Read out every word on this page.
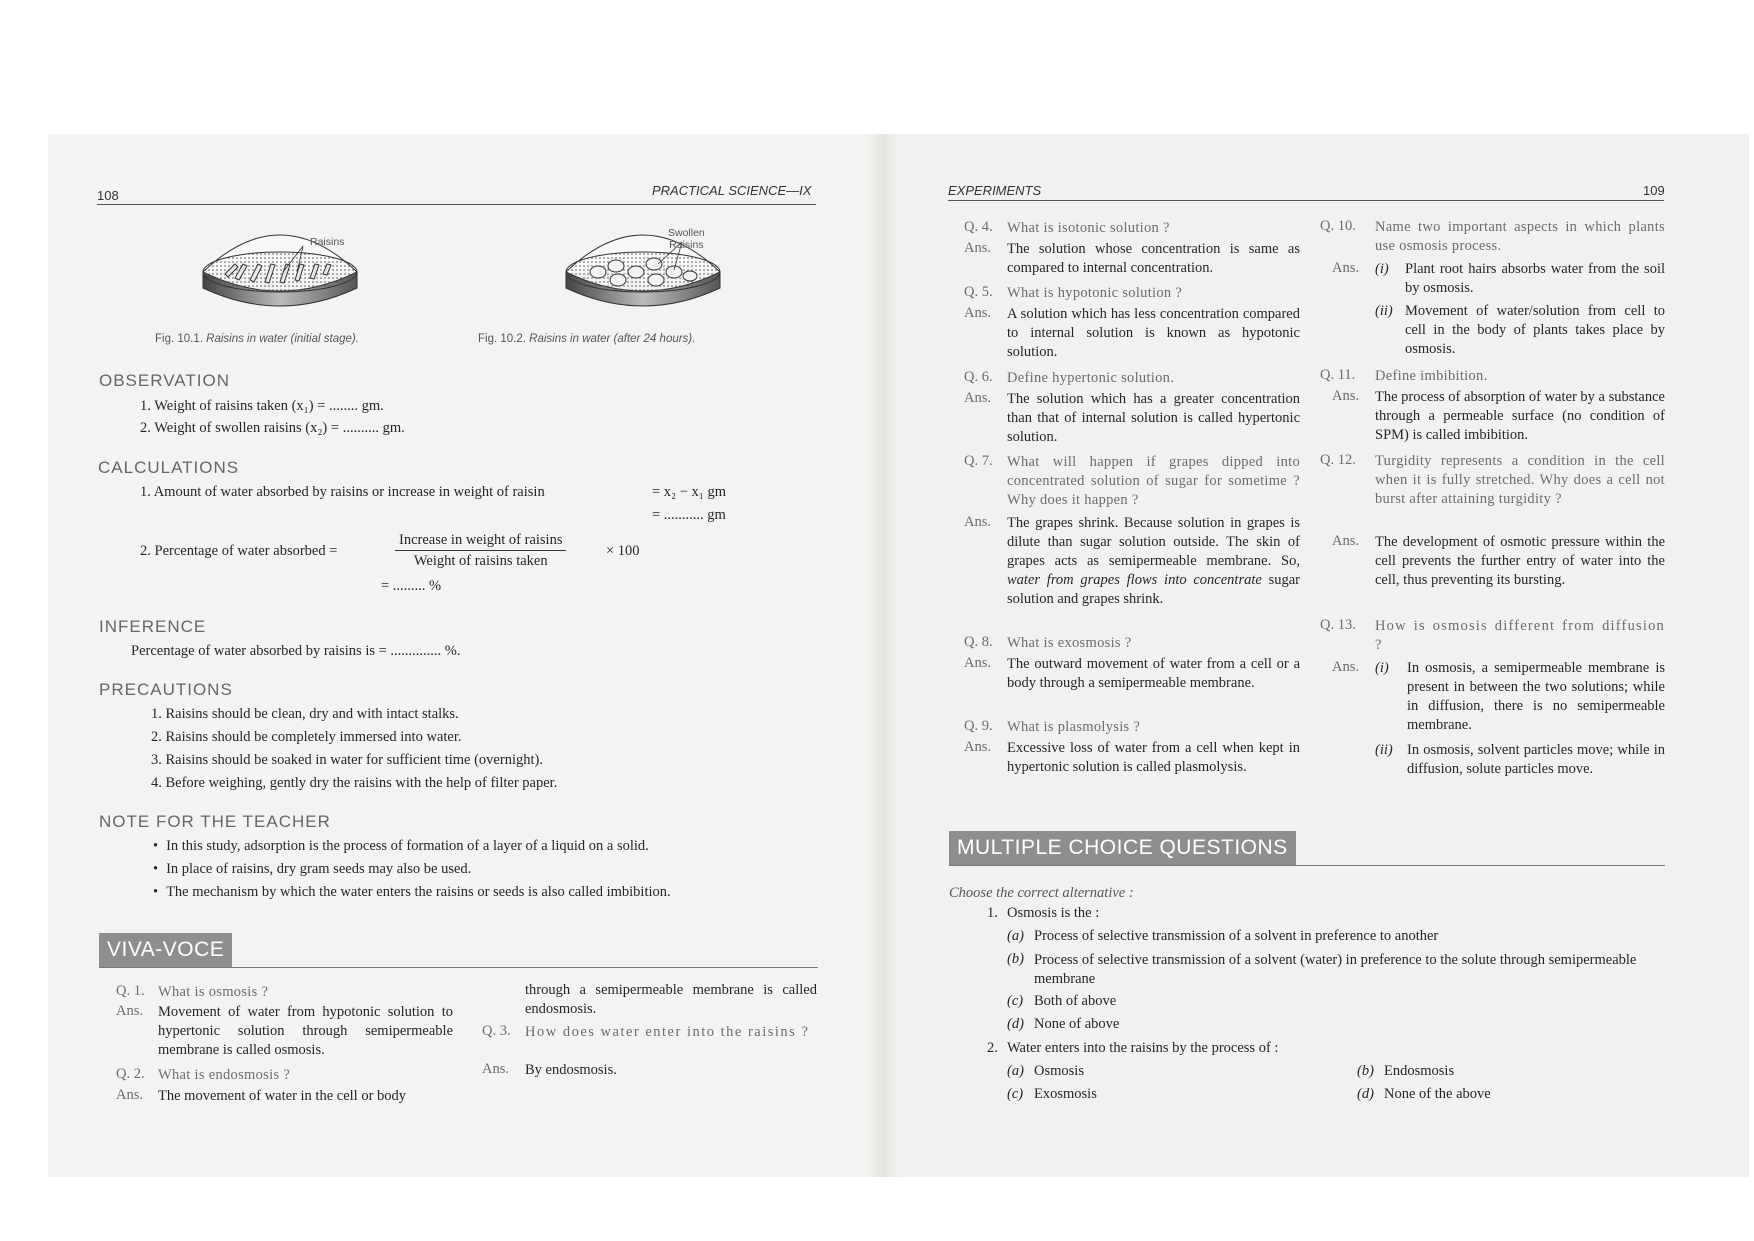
108	PRACTICAL SCIENCE—IX
Raisins
Fig. 10.1. Raisins in water (initial stage).
Swollen
Raisins
Fig. 10.2. Raisins in water (after 24 hours).
OBSERVATION
1. Weight of raisins taken (x₁) = ........ gm.
2. Weight of swollen raisins (x₂) = .......... gm.
CALCULATIONS
1. Amount of water absorbed by raisins or increase in weight of raisin	= x₂ − x₁ gm
= ........... gm
2. Percentage of water absorbed =
Increase in weight of raisins
Weight of raisins taken
× 100
= ......... %
INFERENCE
Percentage of water absorbed by raisins is = .............. %.
PRECAUTIONS
1. Raisins should be clean, dry and with intact stalks.
2. Raisins should be completely immersed into water.
3. Raisins should be soaked in water for sufficient time (overnight).
4. Before weighing, gently dry the raisins with the help of filter paper.
NOTE FOR THE TEACHER
• In this study, adsorption is the process of formation of a layer of a liquid on a solid.
• In place of raisins, dry gram seeds may also be used.
• The mechanism by which the water enters the raisins or seeds is also called imbibition.
VIVA-VOCE
Q. 1. What is osmosis ?
Ans. Movement of water from hypotonic solution to hypertonic solution through semipermeable membrane is called osmosis.
Q. 2. What is endosmosis ?
Ans. The movement of water in the cell or body
through a semipermeable membrane is called endosmosis.
Q. 3. How does water enter into the raisins ?
Ans. By endosmosis.
EXPERIMENTS	109
Q. 4. What is isotonic solution ?
Ans. The solution whose concentration is same as compared to internal concentration.
Q. 5. What is hypotonic solution ?
Ans. A solution which has less concentration compared to internal solution is known as hypotonic solution.
Q. 6. Define hypertonic solution.
Ans. The solution which has a greater concentration than that of internal solution is called hypertonic solution.
Q. 7. What will happen if grapes dipped into concentrated solution of sugar for sometime ? Why does it happen ?
Ans. The grapes shrink. Because solution in grapes is dilute than sugar solution outside. The skin of grapes acts as semipermeable membrane. So, water from grapes flows into concentrate sugar solution and grapes shrink.
Q. 8. What is exosmosis ?
Ans. The outward movement of water from a cell or a body through a semipermeable membrane.
Q. 9. What is plasmolysis ?
Ans. Excessive loss of water from a cell when kept in hypertonic solution is called plasmolysis.
Q. 10. Name two important aspects in which plants use osmosis process.
Ans. (i) Plant root hairs absorbs water from the soil by osmosis.
(ii) Movement of water/solution from cell to cell in the body of plants takes place by osmosis.
Q. 11. Define imbibition.
Ans. The process of absorption of water by a substance through a permeable surface (no condition of SPM) is called imbibition.
Q. 12. Turgidity represents a condition in the cell when it is fully stretched. Why does a cell not burst after attaining turgidity ?
Ans. The development of osmotic pressure within the cell prevents the further entry of water into the cell, thus preventing its bursting.
Q. 13. How is osmosis different from diffusion ?
Ans. (i) In osmosis, a semipermeable membrane is present in between the two solutions; while in diffusion, there is no semipermeable membrane.
(ii) In osmosis, solvent particles move; while in diffusion, solute particles move.
MULTIPLE CHOICE QUESTIONS
Choose the correct alternative :
1. Osmosis is the :
(a) Process of selective transmission of a solvent in preference to another
(b) Process of selective transmission of a solvent (water) in preference to the solute through semipermeable membrane
(c) Both of above
(d) None of above
2. Water enters into the raisins by the process of :
(a) Osmosis	(b) Endosmosis
(c) Exosmosis	(d) None of the above
